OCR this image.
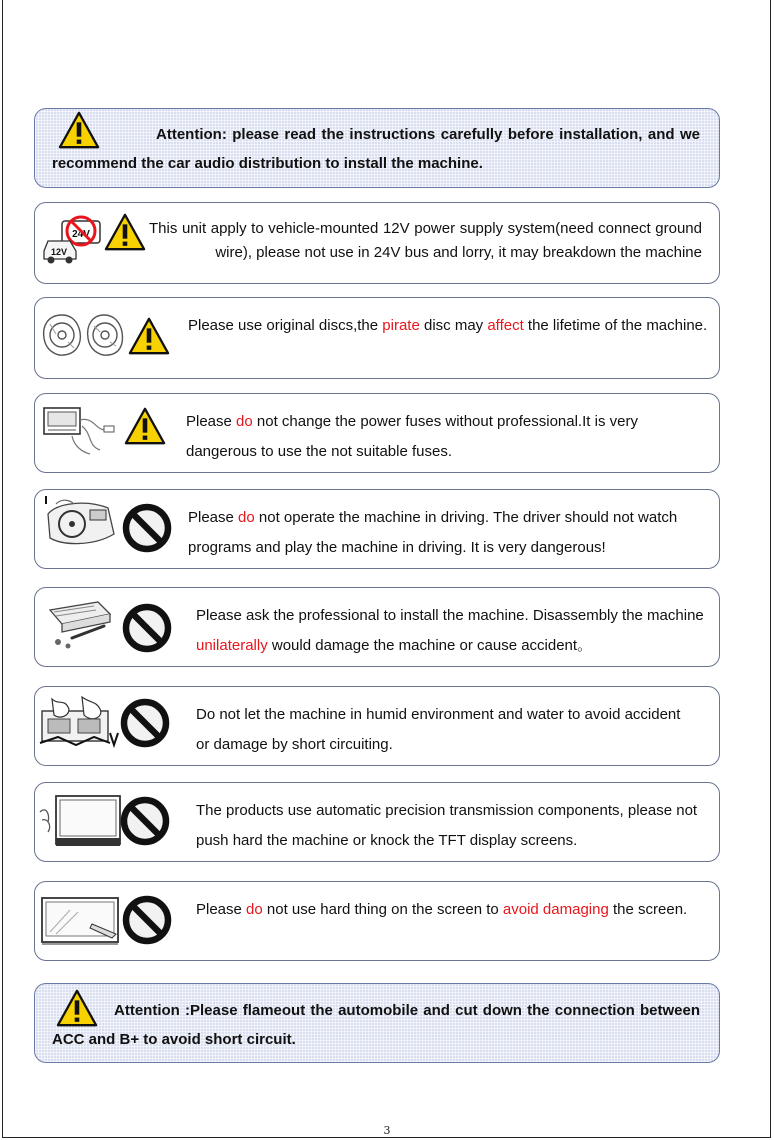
Attention: please read the instructions carefully before installation, and we recommend the car audio distribution to install the machine.
24V
12V
This unit apply to vehicle-mounted 12V power supply system(need connect ground wire), please not use in 24V bus and lorry, it may breakdown the machine
Please use original discs,the pirate disc may affect the lifetime of the machine.
Please do not change the power fuses without professional.It is very dangerous to use the not suitable fuses.
Please do not operate the machine in driving. The driver should not watch programs and play the machine in driving. It is very dangerous!
Please ask the professional to install the machine. Disassembly the machine unilaterally would damage the machine or cause accident。
Do not let the machine in humid environment and water to avoid accident or damage by short circuiting.
The products use automatic precision transmission components, please not push hard the machine or knock the TFT display screens.
Please do not use hard thing on the screen to avoid damaging the screen.
Attention :Please flameout the automobile and cut down the connection between ACC and B+ to avoid short circuit.
3
